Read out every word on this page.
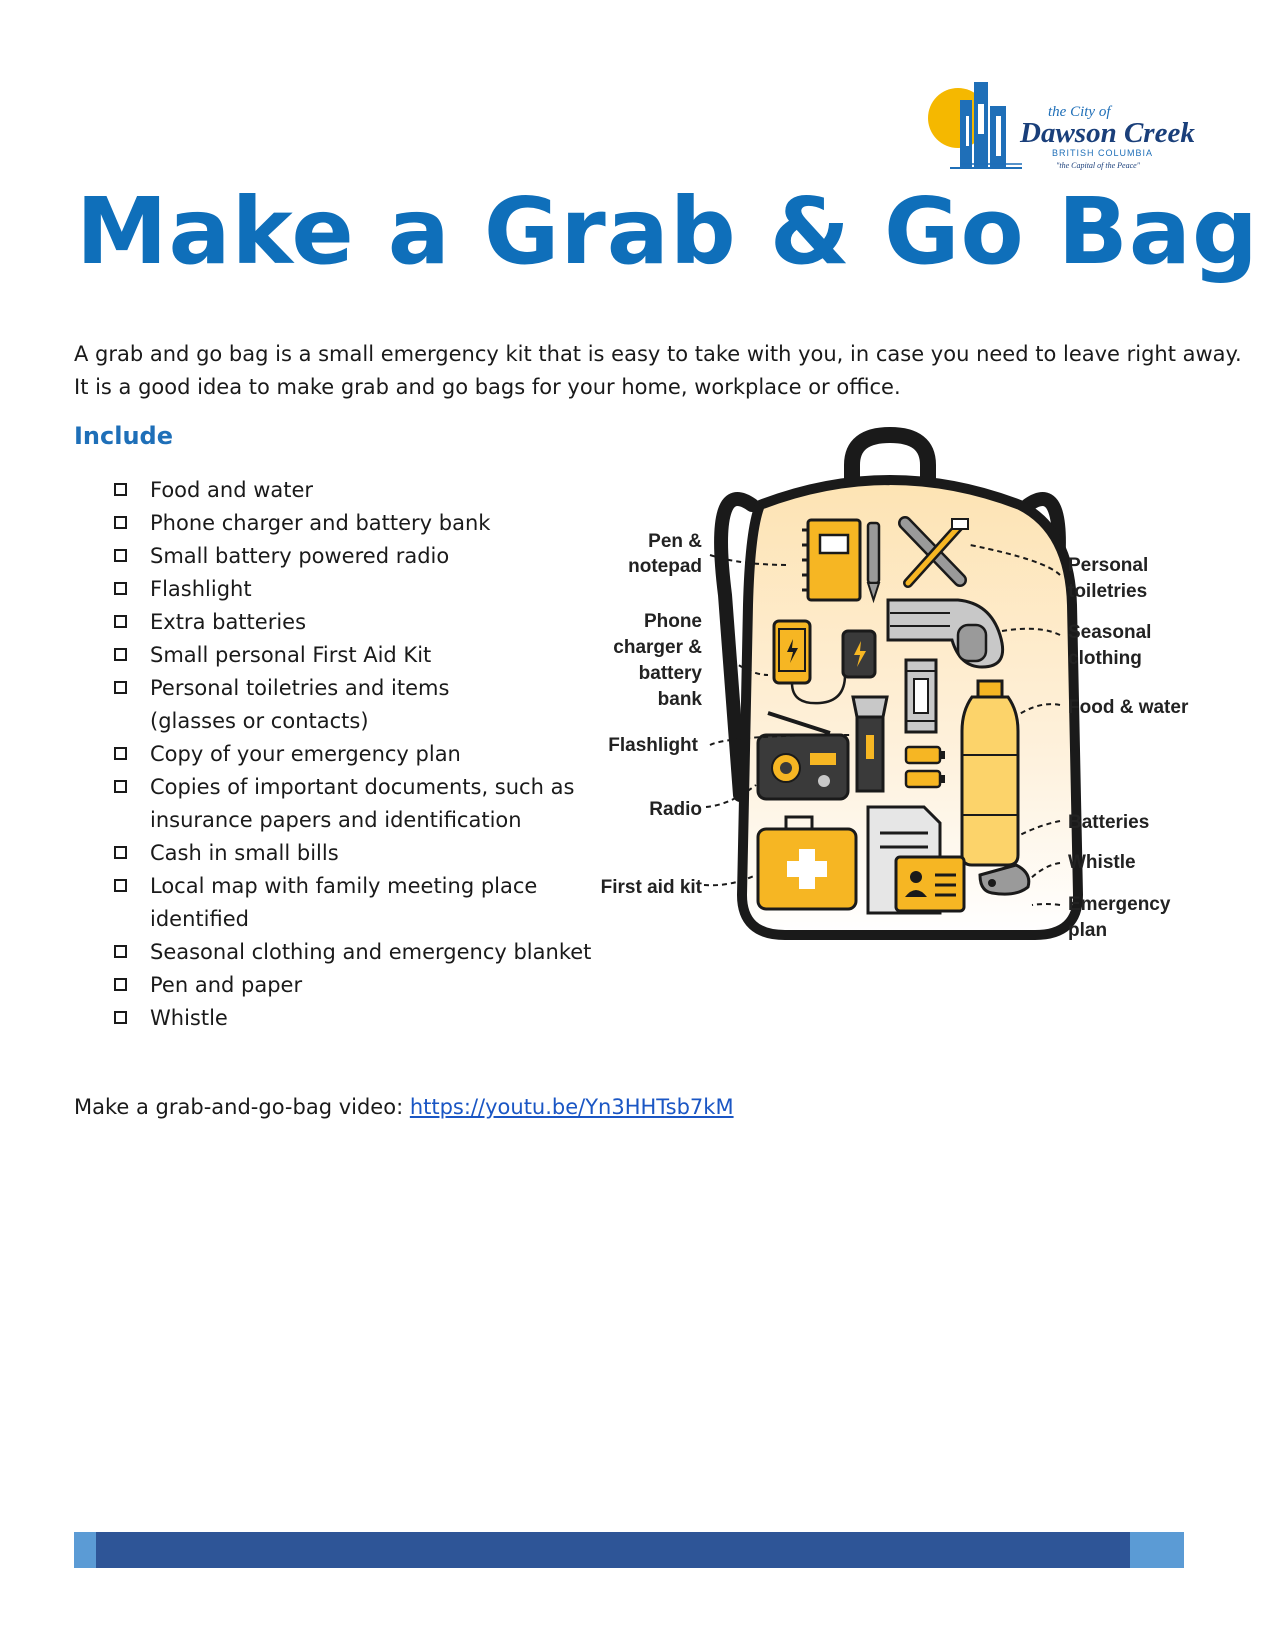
the City of
Dawson Creek
BRITISH COLUMBIA
"the Capital of the Peace"
Make a Grab & Go Bag

A grab and go bag is a small emergency kit that is easy to take with you, in case you need to leave right away.
It is a good idea to make grab and go bags for your home, workplace or office.

Include
Food and water
Phone charger and battery bank
Small battery powered radio
Flashlight
Extra batteries
Small personal First Aid Kit
Personal toiletries and items (glasses or contacts)
Copy of your emergency plan
Copies of important documents, such as insurance papers and identification
Cash in small bills
Local map with family meeting place identified
Seasonal clothing and emergency blanket
Pen and paper
Whistle
Pen &
notepad
Phone
charger &
battery
bank
Flashlight
Radio
First aid kit
Personal
toiletries
Seasonal
clothing
Food & water
Batteries
Whistle
Emergency
plan

Make a grab-and-go-bag video: https://youtu.be/Yn3HHTsb7kM
